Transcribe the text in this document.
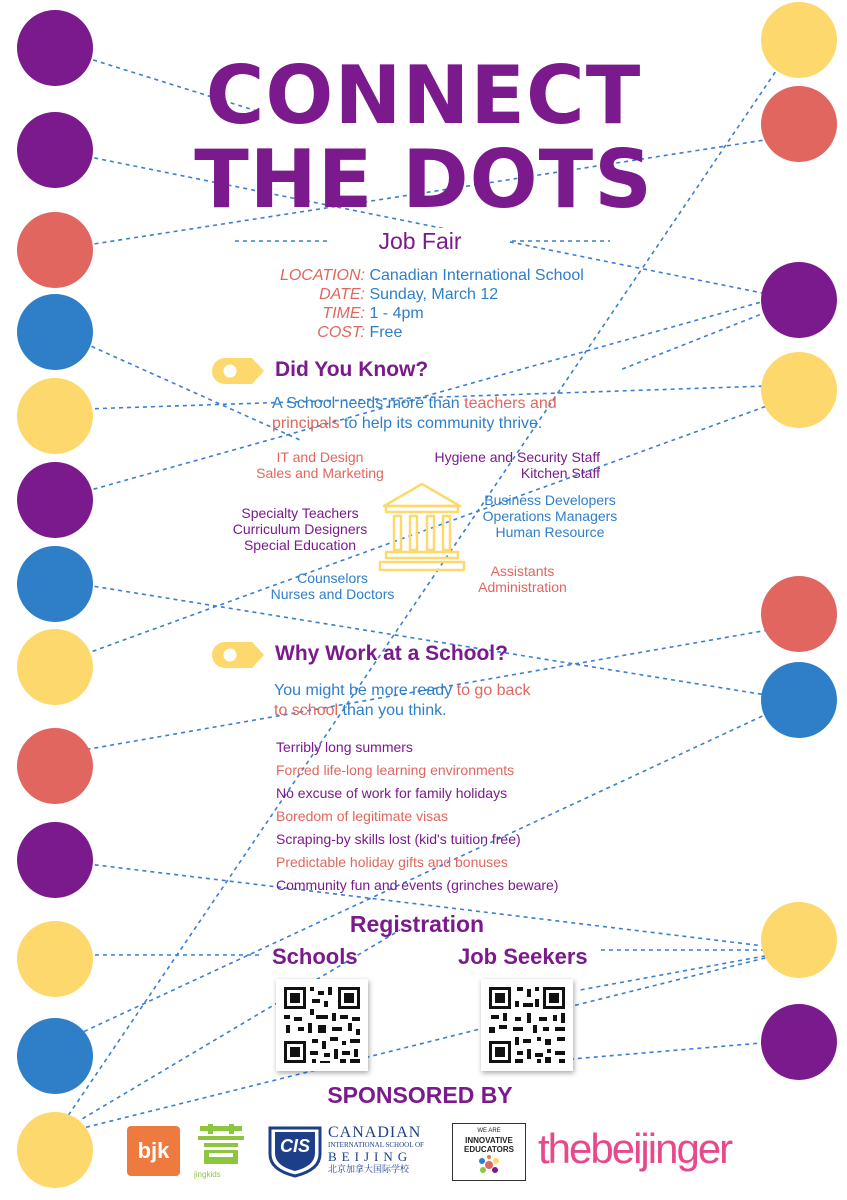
CONNECT
THE DOTS
Job Fair
LOCATION: Canadian International School
DATE: Sunday, March 12
TIME: 1 - 4pm
COST: Free
Did You Know?
A School needs more than teachers and
principals to help its community thrive.
IT and Design
Sales and Marketing
Hygiene and Security Staff
Kitchen Staff
Specialty Teachers
Curriculum Designers
Special Education
Business Developers
Operations Managers
Human Resource
Assistants
Administration
Counselors
Nurses and Doctors
Why Work at a School?
You might be more ready to go back
to school than you think.
Terribly long summers
Forced life-long learning environments
No excuse of work for family holidays
Boredom of legitimate visas
Scraping-by skills lost (kid's tuition free)
Predictable holiday gifts and bonuses
Community fun and events (grinches beware)
Registration
Schools	Job Seekers
SPONSORED BY
bjk
jingkids
CIS
CANADIAN
INTERNATIONAL SCHOOL OF
BEIJING
北京加拿大国际学校
WE ARE
INNOVATIVE
EDUCATORS thebeijinger
